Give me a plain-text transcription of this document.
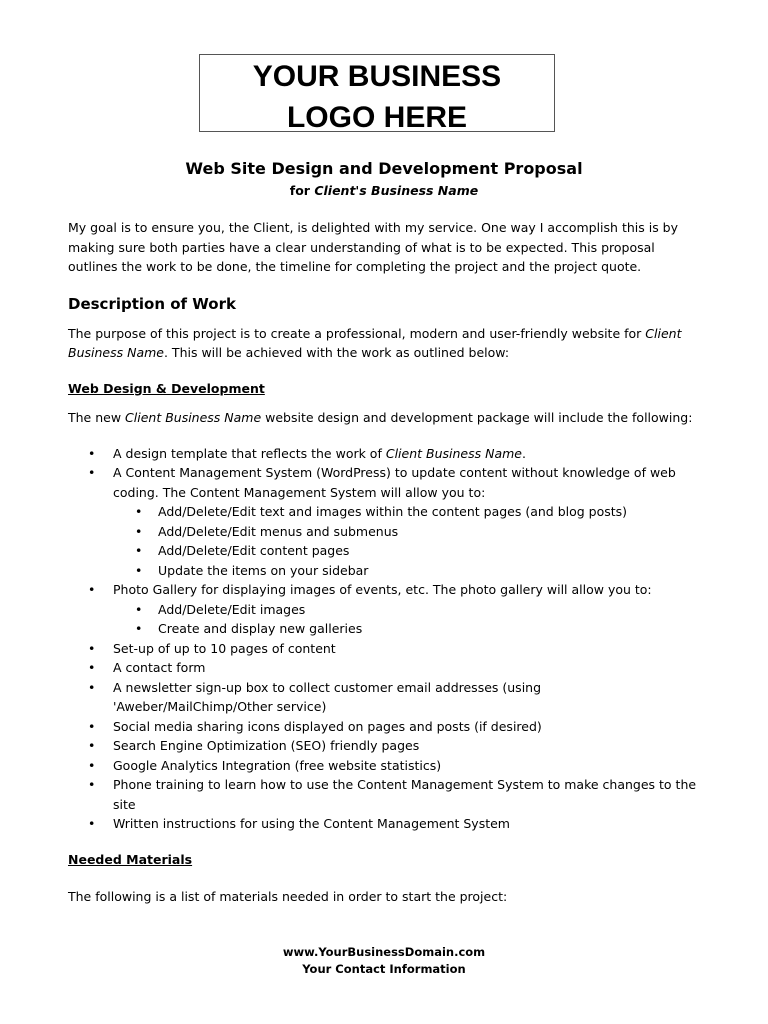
YOUR BUSINESS
LOGO HERE
Web Site Design and Development Proposal
for Client's Business Name

My goal is to ensure you, the Client, is delighted with my service. One way I accomplish this is by making sure both parties have a clear understanding of what is to be expected. This proposal outlines the work to be done, the timeline for completing the project and the project quote.

Description of Work

The purpose of this project is to create a professional, modern and user-friendly website for Client Business Name. This will be achieved with the work as outlined below:

Web Design & Development

The new Client Business Name website design and development package will include the following:

• A design template that reflects the work of Client Business Name.
• A Content Management System (WordPress) to update content without knowledge of web coding. The Content Management System will allow you to:
• Add/Delete/Edit text and images within the content pages (and blog posts)
• Add/Delete/Edit menus and submenus
• Add/Delete/Edit content pages
• Update the items on your sidebar
• Photo Gallery for displaying images of events, etc. The photo gallery will allow you to:
• Add/Delete/Edit images
• Create and display new galleries
• Set-up of up to 10 pages of content
• A contact form
• A newsletter sign-up box to collect customer email addresses (using 'Aweber/MailChimp/Other service)
• Social media sharing icons displayed on pages and posts (if desired)
• Search Engine Optimization (SEO) friendly pages
• Google Analytics Integration (free website statistics)
• Phone training to learn how to use the Content Management System to make changes to the site
• Written instructions for using the Content Management System

Needed Materials

The following is a list of materials needed in order to start the project:

www.YourBusinessDomain.com
Your Contact Information
